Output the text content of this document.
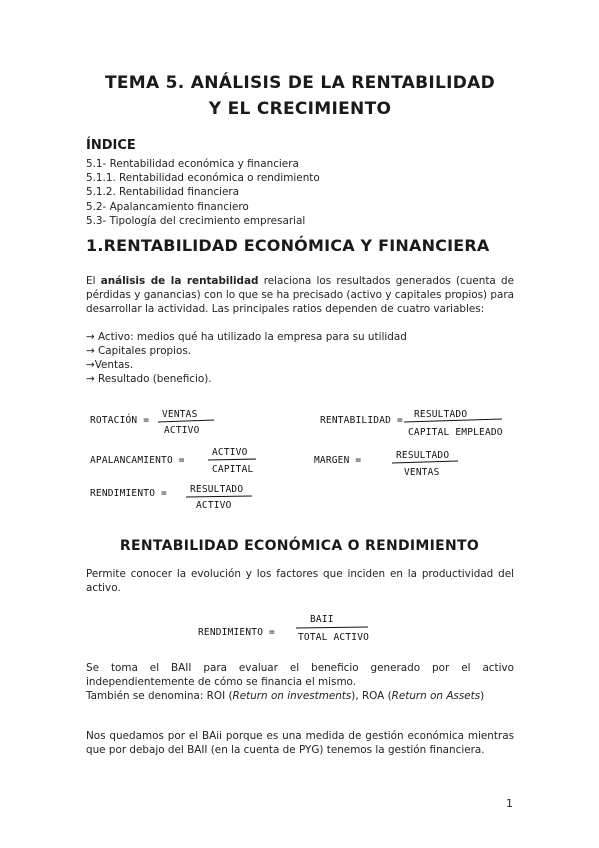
TEMA 5. ANÁLISIS DE LA RENTABILIDAD
Y EL CRECIMIENTO
ÍNDICE
5.1- Rentabilidad económica y financiera
5.1.1. Rentabilidad económica o rendimiento
5.1.2. Rentabilidad financiera
5.2- Apalancamiento financiero
5.3- Tipología del crecimiento empresarial
1.RENTABILIDAD ECONÓMICA Y FINANCIERA

El análisis de la rentabilidad relaciona los resultados generados (cuenta de pérdidas y ganancias) con lo que se ha precisado (activo y capitales propios) para desarrollar la actividad. Las principales ratios dependen de cuatro variables:

→ Activo: medios qué ha utilizado la empresa para su utilidad
→ Capitales propios.
→Ventas.
→ Resultado (beneficio).
ROTACIÓN =
VENTAS
ACTIVO
RENTABILIDAD =
RESULTADO
CAPITAL EMPLEADO
APALANCAMIENTO =
ACTIVO
CAPITAL
MARGEN =	RESULTADO
VENTAS
RENDIMIENTO = RESULTADO
ACTIVO
RENDIMIENTO =
BAII
TOTAL ACTIVO
RENTABILIDAD ECONÓMICA O RENDIMIENTO

Permite conocer la evolución y los factores que inciden en la productividad del activo.

Se toma el BAII para evaluar el beneficio generado por el activo independientemente de cómo se financia el mismo.
También se denomina: ROI (Return on investments), ROA (Return on Assets)

Nos quedamos por el BAii porque es una medida de gestión económica mientras que por debajo del BAII (en la cuenta de PYG) tenemos la gestión financiera.

1
